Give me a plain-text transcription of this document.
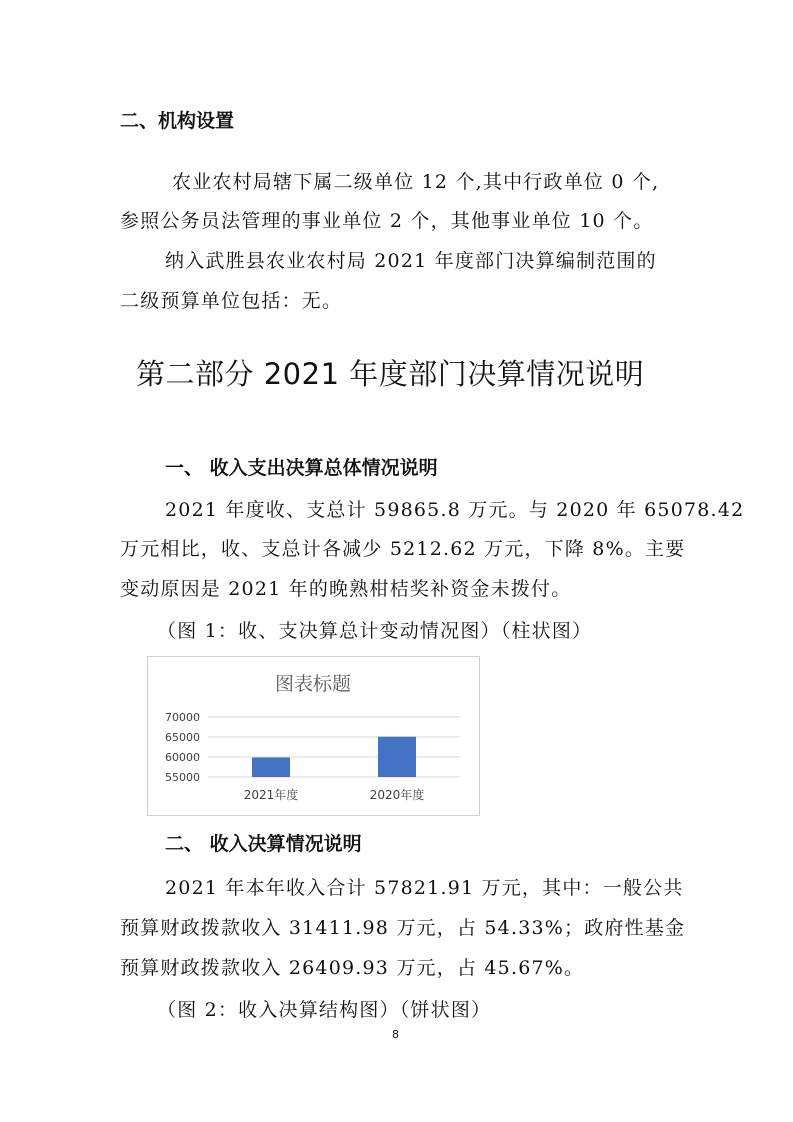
二、机构设置
农业农村局辖下属二级单位 12 个,其中行政单位 0 个,
参照公务员法管理的事业单位 2 个，其他事业单位 10 个。
纳入武胜县农业农村局 2021 年度部门决算编制范围的
二级预算单位包括：无。
第二部分 2021 年度部门决算情况说明
一、 收入支出决算总体情况说明
2021 年度收、支总计 59865.8 万元。与 2020 年 65078.42
万元相比，收、支总计各减少 5212.62 万元，下降 8%。主要
变动原因是 2021 年的晚熟柑桔奖补资金未拨付。
（图 1：收、支决算总计变动情况图）（柱状图）
图表标题
70000
65000
60000
55000
2021年度	2020年度
二、 收入决算情况说明
2021 年本年收入合计 57821.91 万元，其中：一般公共
预算财政拨款收入 31411.98 万元，占 54.33%；政府性基金
预算财政拨款收入 26409.93 万元，占 45.67%。
（图 2：收入决算结构图）（饼状图）
8
